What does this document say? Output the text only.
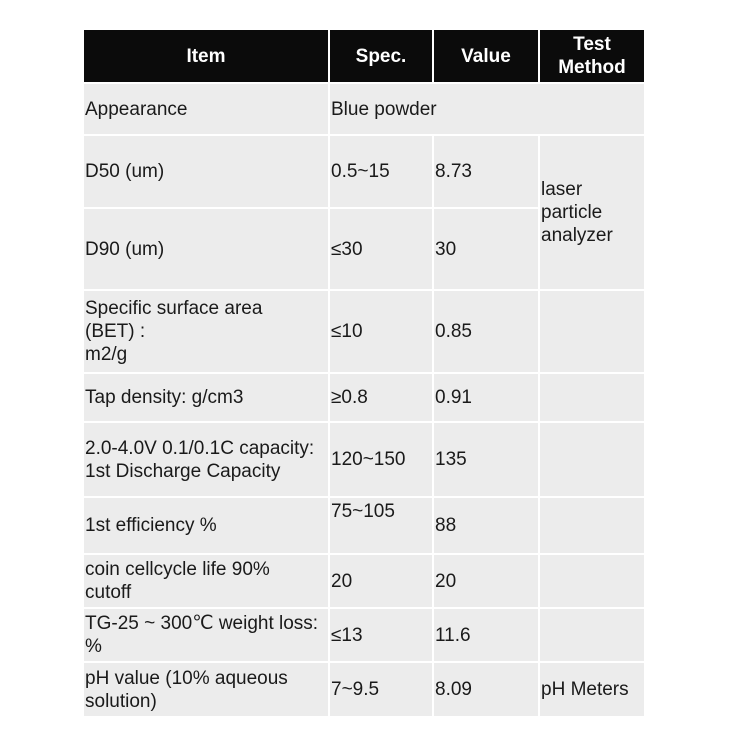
Item	Spec.	Value	Test
Method
Appearance	Blue powder		
D50 (um)	0.5~15	8.73	laser
particle
analyzer
D90 (um)	≤30	30	
Specific surface area
(BET) :
m2/g	≤10	0.85	
Tap density: g/cm3	≥0.8	0.91	
2.0-4.0V 0.1/0.1C capacity:
1st Discharge Capacity	120~150	135	
1st efficiency %	75~105	88	
coin cellcycle life 90%
cutoff	20	20	
TG-25 ~ 300℃ weight loss:
%	≤13	11.6	
pH value (10% aqueous
solution)	7~9.5	8.09	pH Meters
